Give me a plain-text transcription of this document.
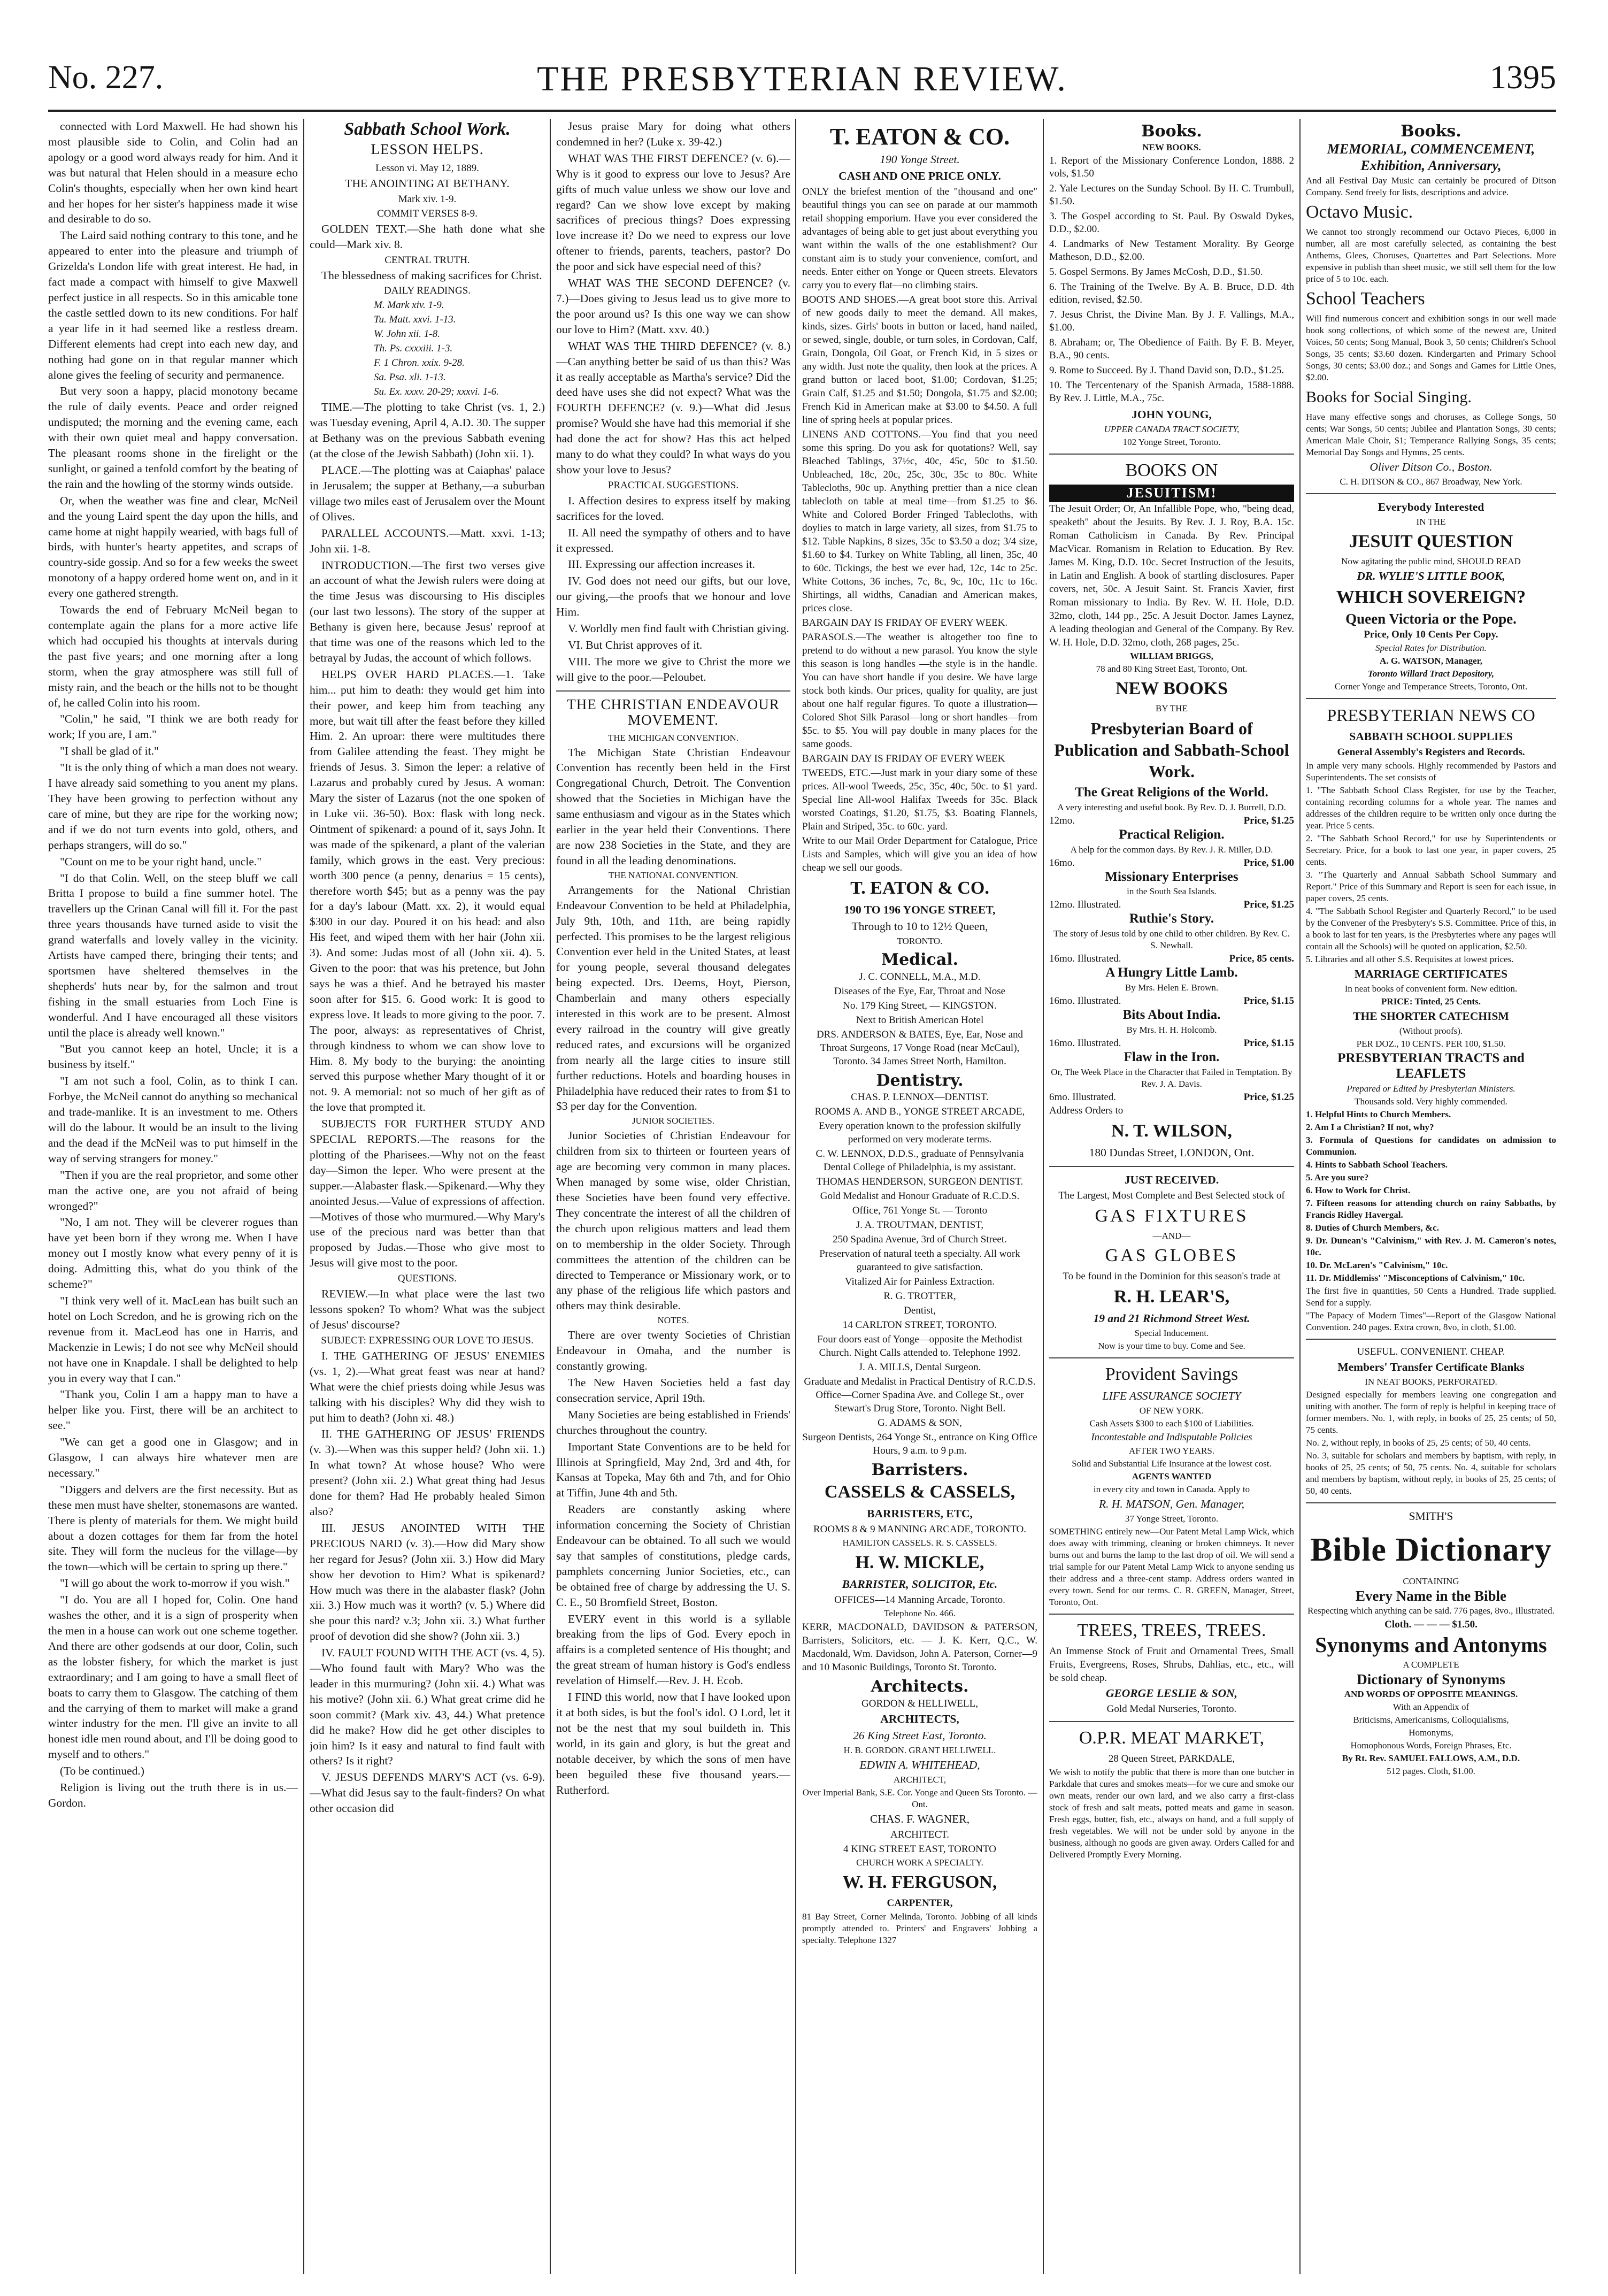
No. 227.	THE PRESBYTERIAN REVIEW.	1395

connected with Lord Maxwell. He had shown his most plausible side to Colin, and Colin had an apology or a good word always ready for him. And it was but natural that Helen should in a measure echo Colin's thoughts, especially when her own kind heart and her hopes for her sister's happiness made it wise and desirable to do so.

The Laird said nothing contrary to this tone, and he appeared to enter into the pleasure and triumph of Grizelda's London life with great interest. He had, in fact made a compact with himself to give Maxwell perfect justice in all respects. So in this amicable tone the castle settled down to its new conditions. For half a year life in it had seemed like a restless dream. Different elements had crept into each new day, and nothing had gone on in that regular manner which alone gives the feeling of security and permanence.

But very soon a happy, placid monotony became the rule of daily events. Peace and order reigned undisputed; the morning and the evening came, each with their own quiet meal and happy conversation. The pleasant rooms shone in the firelight or the sunlight, or gained a tenfold comfort by the beating of the rain and the howling of the stormy winds outside.

Or, when the weather was fine and clear, McNeil and the young Laird spent the day upon the hills, and came home at night happily wearied, with bags full of birds, with hunter's hearty appetites, and scraps of country-side gossip. And so for a few weeks the sweet monotony of a happy ordered home went on, and in it every one gathered strength.

Towards the end of February McNeil began to contemplate again the plans for a more active life which had occupied his thoughts at intervals during the past five years; and one morning after a long storm, when the gray atmosphere was still full of misty rain, and the beach or the hills not to be thought of, he called Colin into his room.

"Colin," he said, "I think we are both ready for work; If you are, I am."

"I shall be glad of it."

"It is the only thing of which a man does not weary. I have already said something to you anent my plans. They have been growing to perfection without any care of mine, but they are ripe for the working now; and if we do not turn events into gold, others, and perhaps strangers, will do so."

"Count on me to be your right hand, uncle."

"I do that Colin. Well, on the steep bluff we call Britta I propose to build a fine summer hotel. The travellers up the Crinan Canal will fill it. For the past three years thousands have turned aside to visit the grand waterfalls and lovely valley in the vicinity. Artists have camped there, bringing their tents; and sportsmen have sheltered themselves in the shepherds' huts near by, for the salmon and trout fishing in the small estuaries from Loch Fine is wonderful. And I have encouraged all these visitors until the place is already well known."

"But you cannot keep an hotel, Uncle; it is a business by itself."

"I am not such a fool, Colin, as to think I can. Forbye, the McNeil cannot do anything so mechanical and trade-manlike. It is an investment to me. Others will do the labour. It would be an insult to the living and the dead if the McNeil was to put himself in the way of serving strangers for money."

"Then if you are the real proprietor, and some other man the active one, are you not afraid of being wronged?"

"No, I am not. They will be cleverer rogues than have yet been born if they wrong me. When I have money out I mostly know what every penny of it is doing. Admitting this, what do you think of the scheme?"

"I think very well of it. MacLean has built such an hotel on Loch Scredon, and he is growing rich on the revenue from it. MacLeod has one in Harris, and Mackenzie in Lewis; I do not see why McNeil should not have one in Knapdale. I shall be delighted to help you in every way that I can."

"Thank you, Colin I am a happy man to have a helper like you. First, there will be an architect to see."

"We can get a good one in Glasgow; and in Glasgow, I can always hire whatever men are necessary."

"Diggers and delvers are the first necessity. But as these men must have shelter, stonemasons are wanted. There is plenty of materials for them. We might build about a dozen cottages for them far from the hotel site. They will form the nucleus for the village—by the town—which will be certain to spring up there."

"I will go about the work to-morrow if you wish."

"I do. You are all I hoped for, Colin. One hand washes the other, and it is a sign of prosperity when the men in a house can work out one scheme together. And there are other godsends at our door, Colin, such as the lobster fishery, for which the market is just extraordinary; and I am going to have a small fleet of boats to carry them to Glasgow. The catching of them and the carrying of them to market will make a grand winter industry for the men. I'll give an invite to all honest idle men round about, and I'll be doing good to myself and to others."

(To be continued.)

Religion is living out the truth there is in us.—Gordon.

Sabbath School Work.
LESSON HELPS.

Lesson vi. May 12, 1889.

THE ANOINTING AT BETHANY.

Mark xiv. 1-9.

COMMIT VERSES 8-9.

GOLDEN TEXT.—She hath done what she could—Mark xiv. 8.

CENTRAL TRUTH.

The blessedness of making sacrifices for Christ.

DAILY READINGS.

M. Mark xiv. 1-9.

Tu. Matt. xxvi. 1-13.

W. John xii. 1-8.

Th. Ps. cxxxiii. 1-3.

F. 1 Chron. xxix. 9-28.

Sa. Psa. xli. 1-13.

Su. Ex. xxxv. 20-29; xxxvi. 1-6.

TIME.—The plotting to take Christ (vs. 1, 2.) was Tuesday evening, April 4, A.D. 30. The supper at Bethany was on the previous Sabbath evening (at the close of the Jewish Sabbath) (John xii. 1).

PLACE.—The plotting was at Caiaphas' palace in Jerusalem; the supper at Bethany,—a suburban village two miles east of Jerusalem over the Mount of Olives.

PARALLEL ACCOUNTS.—Matt. xxvi. 1-13; John xii. 1-8.

INTRODUCTION.—The first two verses give an account of what the Jewish rulers were doing at the time Jesus was discoursing to His disciples (our last two lessons). The story of the supper at Bethany is given here, because Jesus' reproof at that time was one of the reasons which led to the betrayal by Judas, the account of which follows.

HELPS OVER HARD PLACES.—1. Take him... put him to death: they would get him into their power, and keep him from teaching any more, but wait till after the feast before they killed Him. 2. An uproar: there were multitudes there from Galilee attending the feast. They might be friends of Jesus. 3. Simon the leper: a relative of Lazarus and probably cured by Jesus. A woman: Mary the sister of Lazarus (not the one spoken of in Luke vii. 36-50). Box: flask with long neck. Ointment of spikenard: a pound of it, says John. It was made of the spikenard, a plant of the valerian family, which grows in the east. Very precious: worth 300 pence (a penny, denarius = 15 cents), therefore worth $45; but as a penny was the pay for a day's labour (Matt. xx. 2), it would equal $300 in our day. Poured it on his head: and also His feet, and wiped them with her hair (John xii. 3). And some: Judas most of all (John xii. 4). 5. Given to the poor: that was his pretence, but John says he was a thief. And he betrayed his master soon after for $15. 6. Good work: It is good to express love. It leads to more giving to the poor. 7. The poor, always: as representatives of Christ, through kindness to whom we can show love to Him. 8. My body to the burying: the anointing served this purpose whether Mary thought of it or not. 9. A memorial: not so much of her gift as of the love that prompted it.

SUBJECTS FOR FURTHER STUDY AND SPECIAL REPORTS.—The reasons for the plotting of the Pharisees.—Why not on the feast day—Simon the leper. Who were present at the supper.—Alabaster flask.—Spikenard.—Why they anointed Jesus.—Value of expressions of affection.—Motives of those who murmured.—Why Mary's use of the precious nard was better than that proposed by Judas.—Those who give most to Jesus will give most to the poor.

QUESTIONS.

REVIEW.—In what place were the last two lessons spoken? To whom? What was the subject of Jesus' discourse?

SUBJECT: EXPRESSING OUR LOVE TO JESUS.

I. THE GATHERING OF JESUS' ENEMIES (vs. 1, 2).—What great feast was near at hand? What were the chief priests doing while Jesus was talking with his disciples? Why did they wish to put him to death? (John xi. 48.)

II. THE GATHERING OF JESUS' FRIENDS (v. 3).—When was this supper held? (John xii. 1.) In what town? At whose house? Who were present? (John xii. 2.) What great thing had Jesus done for them? Had He probably healed Simon also?

III. JESUS ANOINTED WITH THE PRECIOUS NARD (v. 3).—How did Mary show her regard for Jesus? (John xii. 3.) How did Mary show her devotion to Him? What is spikenard? How much was there in the alabaster flask? (John xii. 3.) How much was it worth? (v. 5.) Where did she pour this nard? v.3; John xii. 3.) What further proof of devotion did she show? (John xii. 3.)

IV. FAULT FOUND WITH THE ACT (vs. 4, 5).—Who found fault with Mary? Who was the leader in this murmuring? (John xii. 4.) What was his motive? (John xii. 6.) What great crime did he soon commit? (Mark xiv. 43, 44.) What pretence did he make? How did he get other disciples to join him? Is it easy and natural to find fault with others? Is it right?

V. JESUS DEFENDS MARY'S ACT (vs. 6-9).—What did Jesus say to the fault-finders? On what other occasion did

Jesus praise Mary for doing what others condemned in her? (Luke x. 39-42.)

WHAT WAS THE FIRST DEFENCE? (v. 6).—Why is it good to express our love to Jesus? Are gifts of much value unless we show our love and regard? Can we show love except by making sacrifices of precious things? Does expressing love increase it? Do we need to express our love oftener to friends, parents, teachers, pastor? Do the poor and sick have especial need of this?

WHAT WAS THE SECOND DEFENCE? (v. 7.)—Does giving to Jesus lead us to give more to the poor around us? Is this one way we can show our love to Him? (Matt. xxv. 40.)

WHAT WAS THE THIRD DEFENCE? (v. 8.)—Can anything better be said of us than this? Was it as really acceptable as Martha's service? Did the deed have uses she did not expect? What was the FOURTH DEFENCE? (v. 9.)—What did Jesus promise? Would she have had this memorial if she had done the act for show? Has this act helped many to do what they could? In what ways do you show your love to Jesus?

PRACTICAL SUGGESTIONS.

I. Affection desires to express itself by making sacrifices for the loved.

II. All need the sympathy of others and to have it expressed.

III. Expressing our affection increases it.

IV. God does not need our gifts, but our love, our giving,—the proofs that we honour and love Him.

V. Worldly men find fault with Christian giving.

VI. But Christ approves of it.

VIII. The more we give to Christ the more we will give to the poor.—Peloubet.

THE CHRISTIAN ENDEAVOUR MOVEMENT.

THE MICHIGAN CONVENTION.

The Michigan State Christian Endeavour Convention has recently been held in the First Congregational Church, Detroit. The Convention showed that the Societies in Michigan have the same enthusiasm and vigour as in the States which earlier in the year held their Conventions. There are now 238 Societies in the State, and they are found in all the leading denominations.

THE NATIONAL CONVENTION.

Arrangements for the National Christian Endeavour Convention to be held at Philadelphia, July 9th, 10th, and 11th, are being rapidly perfected. This promises to be the largest religious Convention ever held in the United States, at least for young people, several thousand delegates being expected. Drs. Deems, Hoyt, Pierson, Chamberlain and many others especially interested in this work are to be present. Almost every railroad in the country will give greatly reduced rates, and excursions will be organized from nearly all the large cities to insure still further reductions. Hotels and boarding houses in Philadelphia have reduced their rates to from $1 to $3 per day for the Convention.

JUNIOR SOCIETIES.

Junior Societies of Christian Endeavour for children from six to thirteen or fourteen years of age are becoming very common in many places. When managed by some wise, older Christian, these Societies have been found very effective. They concentrate the interest of all the children of the church upon religious matters and lead them on to membership in the older Society. Through committees the attention of the children can be directed to Temperance or Missionary work, or to any phase of the religious life which pastors and others may think desirable.

NOTES.

There are over twenty Societies of Christian Endeavour in Omaha, and the number is constantly growing.

The New Haven Societies held a fast day consecration service, April 19th.

Many Societies are being established in Friends' churches throughout the country.

Important State Conventions are to be held for Illinois at Springfield, May 2nd, 3rd and 4th, for Kansas at Topeka, May 6th and 7th, and for Ohio at Tiffin, June 4th and 5th.

Readers are constantly asking where information concerning the Society of Christian Endeavour can be obtained. To all such we would say that samples of constitutions, pledge cards, pamphlets concerning Junior Societies, etc., can be obtained free of charge by addressing the U. S. C. E., 50 Bromfield Street, Boston.

EVERY event in this world is a syllable breaking from the lips of God. Every epoch in affairs is a completed sentence of His thought; and the great stream of human history is God's endless revelation of Himself.—Rev. J. H. Ecob.

I FIND this world, now that I have looked upon it at both sides, is but the fool's idol. O Lord, let it not be the nest that my soul buildeth in. This world, in its gain and glory, is but the great and notable deceiver, by which the sons of men have been beguiled these five thousand years.—Rutherford.

T. EATON & CO.

190 Yonge Street.

CASH AND ONE PRICE ONLY.

ONLY the briefest mention of the "thousand and one" beautiful things you can see on parade at our mammoth retail shopping emporium. Have you ever considered the advantages of being able to get just about everything you want within the walls of the one establishment? Our constant aim is to study your convenience, comfort, and needs. Enter either on Yonge or Queen streets. Elevators carry you to every flat—no climbing stairs.

BOOTS AND SHOES.—A great boot store this. Arrival of new goods daily to meet the demand. All makes, kinds, sizes. Girls' boots in button or laced, hand nailed, or sewed, single, double, or turn soles, in Cordovan, Calf, Grain, Dongola, Oil Goat, or French Kid, in 5 sizes or any width. Just note the quality, then look at the prices. A grand button or laced boot, $1.00; Cordovan, $1.25; Grain Calf, $1.25 and $1.50; Dongola, $1.75 and $2.00; French Kid in American make at $3.00 to $4.50. A full line of spring heels at popular prices.

LINENS AND COTTONS.—You find that you need some this spring. Do you ask for quotations? Well, say Bleached Tablings, 37½c, 40c, 45c, 50c to $1.50. Unbleached, 18c, 20c, 25c, 30c, 35c to 80c. White Tablecloths, 90c up. Anything prettier than a nice clean tablecloth on table at meal time—from $1.25 to $6. White and Colored Border Fringed Tablecloths, with doylies to match in large variety, all sizes, from $1.75 to $12. Table Napkins, 8 sizes, 35c to $3.50 a doz; 3/4 size, $1.60 to $4. Turkey on White Tabling, all linen, 35c, 40 to 60c. Tickings, the best we ever had, 12c, 14c to 25c. White Cottons, 36 inches, 7c, 8c, 9c, 10c, 11c to 16c. Shirtings, all widths, Canadian and American makes, prices close.

BARGAIN DAY IS FRIDAY OF EVERY WEEK.

PARASOLS.—The weather is altogether too fine to pretend to do without a new parasol. You know the style this season is long handles —the style is in the handle. You can have short handle if you desire. We have large stock both kinds. Our prices, quality for quality, are just about one half regular figures. To quote a illustration—Colored Shot Silk Parasol—long or short handles—from $5c. to $5. You will pay double in many places for the same goods.

BARGAIN DAY IS FRIDAY OF EVERY WEEK

TWEEDS, ETC.—Just mark in your diary some of these prices. All-wool Tweeds, 25c, 35c, 40c, 50c. to $1 yard. Special line All-wool Halifax Tweeds for 35c. Black worsted Coatings, $1.20, $1.75, $3. Boating Flannels, Plain and Striped, 35c. to 60c. yard.

Write to our Mail Order Department for Catalogue, Price Lists and Samples, which will give you an idea of how cheap we sell our goods.

T. EATON & CO.

190 TO 196 YONGE STREET,

Through to 10 to 12½ Queen,

TORONTO.

Medical.

J. C. CONNELL, M.A., M.D.

Diseases of the Eye, Ear, Throat and Nose

No. 179 King Street, — KINGSTON.

Next to British American Hotel

DRS. ANDERSON & BATES, Eye, Ear, Nose and Throat Surgeons, 17 Vonge Road (near McCaul), Toronto. 34 James Street North, Hamilton.

Dentistry.

CHAS. P. LENNOX—DENTIST.

ROOMS A. AND B., YONGE STREET ARCADE,

Every operation known to the profession skilfully performed on very moderate terms.

C. W. LENNOX, D.D.S., graduate of Pennsylvania Dental College of Philadelphia, is my assistant.

THOMAS HENDERSON, SURGEON DENTIST.

Gold Medalist and Honour Graduate of R.C.D.S.

Office, 761 Yonge St. — Toronto

J. A. TROUTMAN, DENTIST,

250 Spadina Avenue, 3rd of Church Street.

Preservation of natural teeth a specialty. All work guaranteed to give satisfaction.

Vitalized Air for Painless Extraction.

R. G. TROTTER,

Dentist,

14 CARLTON STREET, TORONTO.

Four doors east of Yonge—opposite the Methodist Church. Night Calls attended to. Telephone 1992.

J. A. MILLS, Dental Surgeon.

Graduate and Medalist in Practical Dentistry of R.C.D.S. Office—Corner Spadina Ave. and College St., over Stewart's Drug Store, Toronto. Night Bell.

G. ADAMS & SON,

Surgeon Dentists, 264 Yonge St., entrance on King Office Hours, 9 a.m. to 9 p.m.

Barristers.
CASSELS & CASSELS,

BARRISTERS, ETC,

ROOMS 8 & 9 MANNING ARCADE, TORONTO.

HAMILTON CASSELS. R. S. CASSELS.

H. W. MICKLE,

BARRISTER, SOLICITOR, Etc.

OFFICES—14 Manning Arcade, Toronto.

Telephone No. 466.

KERR, MACDONALD, DAVIDSON & PATERSON, Barristers, Solicitors, etc. — J. K. Kerr, Q.C., W. Macdonald, Wm. Davidson, John A. Paterson, Corner—9 and 10 Masonic Buildings, Toronto St. Toronto.

Architects.

GORDON & HELLIWELL,

ARCHITECTS,

26 King Street East, Toronto.

H. B. GORDON. GRANT HELLIWELL.

EDWIN A. WHITEHEAD,

ARCHITECT,

Over Imperial Bank, S.E. Cor. Yonge and Queen Sts Toronto. — Ont.

CHAS. F. WAGNER,

ARCHITECT.

4 KING STREET EAST, TORONTO

CHURCH WORK A SPECIALTY.

W. H. FERGUSON,

CARPENTER,

81 Bay Street, Corner Melinda, Toronto. Jobbing of all kinds promptly attended to. Printers' and Engravers' Jobbing a specialty. Telephone 1327

Books.

NEW BOOKS.

1. Report of the Missionary Conference London, 1888. 2 vols, $1.50
2. Yale Lectures on the Sunday School. By H. C. Trumbull, $1.50.
3. The Gospel according to St. Paul. By Oswald Dykes, D.D., $2.00.
4. Landmarks of New Testament Morality. By George Matheson, D.D., $2.00.
5. Gospel Sermons. By James McCosh, D.D., $1.50.
6. The Training of the Twelve. By A. B. Bruce, D.D. 4th edition, revised, $2.50.
7. Jesus Christ, the Divine Man. By J. F. Vallings, M.A., $1.00.
8. Abraham; or, The Obedience of Faith. By F. B. Meyer, B.A., 90 cents.
9. Rome to Succeed. By J. Thand David son, D.D., $1.25.
10. The Tercentenary of the Spanish Armada, 1588-1888. By Rev. J. Little, M.A., 75c.

JOHN YOUNG,

UPPER CANADA TRACT SOCIETY,

102 Yonge Street, Toronto.

BOOKS ON
JESUITISM!

The Jesuit Order; Or, An Infallible Pope, who, "being dead, speaketh" about the Jesuits. By Rev. J. J. Roy, B.A. 15c. Roman Catholicism in Canada. By Rev. Principal MacVicar. Romanism in Relation to Education. By Rev. James M. King, D.D. 10c. Secret Instruction of the Jesuits, in Latin and English. A book of startling disclosures. Paper covers, net, 50c. A Jesuit Saint. St. Francis Xavier, first Roman missionary to India. By Rev. W. H. Hole, D.D. 32mo, cloth, 144 pp., 25c. A Jesuit Doctor. James Laynez, A leading theologian and General of the Company. By Rev. W. H. Hole, D.D. 32mo, cloth, 268 pages, 25c.

WILLIAM BRIGGS,

78 and 80 King Street East, Toronto, Ont.

NEW BOOKS

BY THE

Presbyterian Board of Publication and Sabbath-School Work.

The Great Religions of the World.

A very interesting and useful book. By Rev. D. J. Burrell, D.D.

12mo.	Price, $1.25

Practical Religion.

A help for the common days. By Rev. J. R. Miller, D.D.

16mo.	Price, $1.00

Missionary Enterprises

in the South Sea Islands.

12mo. Illustrated.	Price, $1.25

Ruthie's Story.

The story of Jesus told by one child to other children. By Rev. C. S. Newhall.

16mo. Illustrated.	Price, 85 cents.

A Hungry Little Lamb.

By Mrs. Helen E. Brown.

16mo. Illustrated.	Price, $1.15

Bits About India.

By Mrs. H. H. Holcomb.

16mo. Illustrated.	Price, $1.15

Flaw in the Iron.

Or, The Week Place in the Character that Failed in Temptation. By Rev. J. A. Davis.

6mo. Illustrated.	Price, $1.25

Address Orders to

N. T. WILSON,

180 Dundas Street, LONDON, Ont.

JUST RECEIVED.

The Largest, Most Complete and Best Selected stock of

GAS FIXTURES

—AND—

GAS GLOBES

To be found in the Dominion for this season's trade at

R. H. LEAR'S,

19 and 21 Richmond Street West.

Special Inducement.

Now is your time to buy. Come and See.

Provident Savings

LIFE ASSURANCE SOCIETY

OF NEW YORK.

Cash Assets $300 to each $100 of Liabilities.

Incontestable and Indisputable Policies

AFTER TWO YEARS.

Solid and Substantial Life Insurance at the lowest cost.

AGENTS WANTED

in every city and town in Canada. Apply to

R. H. MATSON, Gen. Manager,

37 Yonge Street, Toronto.

SOMETHING entirely new—Our Patent Metal Lamp Wick, which does away with trimming, cleaning or broken chimneys. It never burns out and burns the lamp to the last drop of oil. We will send a trial sample for our Patent Metal Lamp Wick to anyone sending us their address and a three-cent stamp. Address orders wanted in every town. Send for our terms. C. R. GREEN, Manager, Street, Toronto, Ont.

TREES, TREES, TREES.

An Immense Stock of Fruit and Ornamental Trees, Small Fruits, Evergreens, Roses, Shrubs, Dahlias, etc., etc., will be sold cheap.

GEORGE LESLIE & SON,

Gold Medal Nurseries, Toronto.

O.P.R. MEAT MARKET,

28 Queen Street, PARKDALE,

We wish to notify the public that there is more than one butcher in Parkdale that cures and smokes meats—for we cure and smoke our own meats, render our own lard, and we also carry a first-class stock of fresh and salt meats, potted meats and game in season. Fresh eggs, butter, fish, etc., always on hand, and a full supply of fresh vegetables. We will not be under sold by anyone in the business, although no goods are given away. Orders Called for and Delivered Promptly Every Morning.

Books.

MEMORIAL, COMMENCEMENT,

Exhibition, Anniversary,

And all Festival Day Music can certainly be procured of Ditson Company. Send freely for lists, descriptions and advice.

Octavo Music.

We cannot too strongly recommend our Octavo Pieces, 6,000 in number, all are most carefully selected, as containing the best Anthems, Glees, Choruses, Quartettes and Part Selections. More expensive in publish than sheet music, we still sell them for the low price of 5 to 10c. each.

School Teachers

Will find numerous concert and exhibition songs in our well made book song collections, of which some of the newest are, United Voices, 50 cents; Song Manual, Book 3, 50 cents; Children's School Songs, 35 cents; $3.60 dozen. Kindergarten and Primary School Songs, 30 cents; $3.00 doz.; and Songs and Games for Little Ones, $2.00.

Books for Social Singing.

Have many effective songs and choruses, as College Songs, 50 cents; War Songs, 50 cents; Jubilee and Plantation Songs, 30 cents; American Male Choir, $1; Temperance Rallying Songs, 35 cents; Memorial Day Songs and Hymns, 25 cents.

Oliver Ditson Co., Boston.

C. H. DITSON & CO., 867 Broadway, New York.

Everybody Interested

IN THE

JESUIT QUESTION

Now agitating the public mind, SHOULD READ

DR. WYLIE'S LITTLE BOOK,

WHICH SOVEREIGN?

Queen Victoria or the Pope.

Price, Only 10 Cents Per Copy.

Special Rates for Distribution.

A. G. WATSON, Manager,

Toronto Willard Tract Depository,

Corner Yonge and Temperance Streets, Toronto, Ont.

PRESBYTERIAN NEWS CO

SABBATH SCHOOL SUPPLIES

General Assembly's Registers and Records.

In ample very many schools. Highly recommended by Pastors and Superintendents. The set consists of

1. "The Sabbath School Class Register, for use by the Teacher, containing recording columns for a whole year. The names and addresses of the children require to be written only once during the year. Price 5 cents.

2. "The Sabbath School Record," for use by Superintendents or Secretary. Price, for a book to last one year, in paper covers, 25 cents.

3. "The Quarterly and Annual Sabbath School Summary and Report." Price of this Summary and Report is seen for each issue, in paper covers, 25 cents.

4. "The Sabbath School Register and Quarterly Record," to be used by the Convener of the Presbytery's S.S. Committee. Price of this, in a book to last for ten years, is the Presbyteries where any pages will contain all the Schools) will be quoted on application, $2.50.

5. Libraries and all other S.S. Requisites at lowest prices.

MARRIAGE CERTIFICATES

In neat books of convenient form. New edition.

PRICE: Tinted, 25 Cents.

THE SHORTER CATECHISM

(Without proofs).

PER DOZ., 10 CENTS. PER 100, $1.50.

PRESBYTERIAN TRACTS and LEAFLETS

Prepared or Edited by Presbyterian Ministers.

Thousands sold. Very highly commended.

1. Helpful Hints to Church Members.

2. Am I a Christian? If not, why?

3. Formula of Questions for candidates on admission to Communion.

4. Hints to Sabbath School Teachers.

5. Are you sure?

6. How to Work for Christ.

7. Fifteen reasons for attending church on rainy Sabbaths, by Francis Ridley Havergal.

8. Duties of Church Members, &c.

9. Dr. Dunean's "Calvinism," with Rev. J. M. Cameron's notes, 10c.

10. Dr. McLaren's "Calvinism," 10c.

11. Dr. Middlemiss' "Misconceptions of Calvinism," 10c.

The first five in quantities, 50 Cents a Hundred. Trade supplied. Send for a supply.

"The Papacy of Modern Times"—Report of the Glasgow National Convention. 240 pages. Extra crown, 8vo, in cloth, $1.00.

USEFUL. CONVENIENT. CHEAP.

Members' Transfer Certificate Blanks

IN NEAT BOOKS, PERFORATED.

Designed especially for members leaving one congregation and uniting with another. The form of reply is helpful in keeping trace of former members. No. 1, with reply, in books of 25, 25 cents; of 50, 75 cents.

No. 2, without reply, in books of 25, 25 cents; of 50, 40 cents.

No. 3, suitable for scholars and members by baptism, with reply, in books of 25, 25 cents; of 50, 75 cents. No. 4, suitable for scholars and members by baptism, without reply, in books of 25, 25 cents; of 50, 40 cents.

SMITH'S

Bible Dictionary

CONTAINING

Every Name in the Bible

Respecting which anything can be said. 776 pages, 8vo., Illustrated.

Cloth. — — — $1.50.

Synonyms and Antonyms

A COMPLETE

Dictionary of Synonyms

AND WORDS OF OPPOSITE MEANINGS.

With an Appendix of

Briticisms, Americanisms, Colloquialisms,

Homonyms,

Homophonous Words, Foreign Phrases, Etc.

By Rt. Rev. SAMUEL FALLOWS, A.M., D.D.

512 pages. Cloth, $1.00.
